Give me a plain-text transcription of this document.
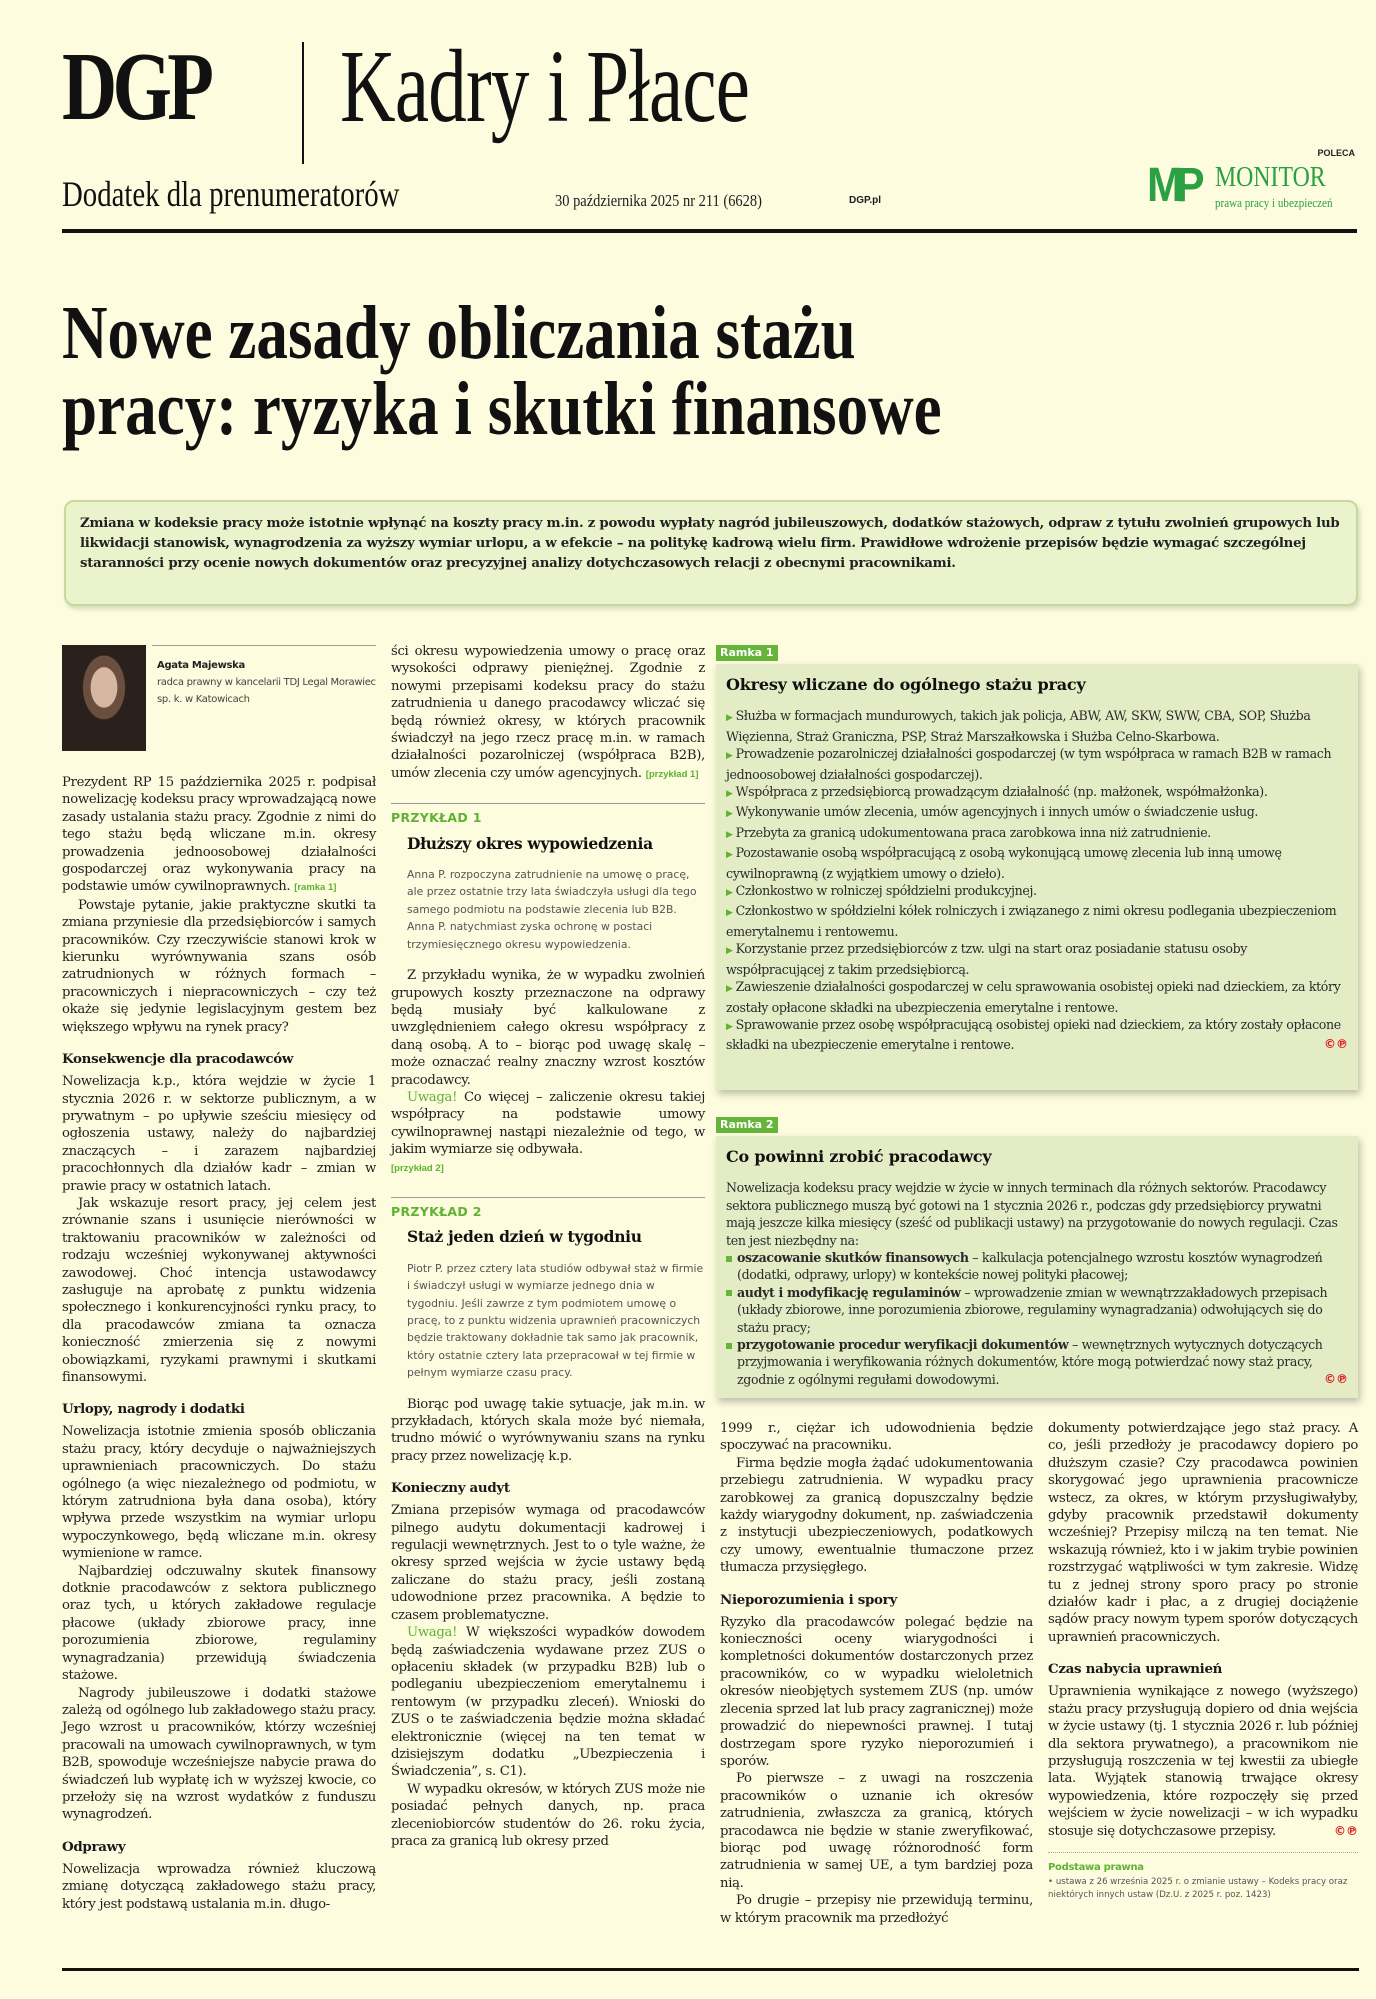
DGP Kadry i Płace
Dodatek dla prenumeratorów	30 października 2025 nr 211 (6628)	DGP.pl
POLECA
MP MONITOR
prawa pracy i ubezpieczeń
Nowe zasady obliczania stażu
pracy: ryzyka i skutki finansowe
Zmiana w kodeksie pracy może istotnie wpłynąć na koszty pracy m.in. z powodu wypłaty nagród jubileuszowych, dodatków stażowych, odpraw z tytułu zwolnień grupowych lub likwidacji stanowisk, wynagrodzenia za wyższy wymiar urlopu, a w efekcie – na politykę kadrową wielu firm. Prawidłowe wdrożenie przepisów będzie wymagać szczególnej staranności przy ocenie nowych dokumentów oraz precyzyjnej analizy dotychczasowych relacji z obecnymi pracownikami.
Agata Majewska
radca prawny w kancelarii TDJ Legal Morawiec sp. k. w Katowicach

Prezydent RP 15 października 2025 r. podpisał nowelizację kodeksu pracy wprowadzającą nowe zasady ustalania stażu pracy. Zgodnie z nimi do tego stażu będą wliczane m.in. okresy prowadzenia jednoosobowej działalności gospodarczej oraz wykonywania pracy na podstawie umów cywilnoprawnych. [ramka 1]

Powstaje pytanie, jakie praktyczne skutki ta zmiana przyniesie dla przedsiębiorców i samych pracowników. Czy rzeczywiście stanowi krok w kierunku wyrównywania szans osób zatrudnionych w różnych formach – pracowniczych i niepracowniczych – czy też okaże się jedynie legislacyjnym gestem bez większego wpływu na rynek pracy?

Konsekwencje dla pracodawców

Nowelizacja k.p., która wejdzie w życie 1 stycznia 2026 r. w sektorze publicznym, a w prywatnym – po upływie sześciu miesięcy od ogłoszenia ustawy, należy do najbardziej znaczących – i zarazem najbardziej pracochłonnych dla działów kadr – zmian w prawie pracy w ostatnich latach.

Jak wskazuje resort pracy, jej celem jest zrównanie szans i usunięcie nierówności w traktowaniu pracowników w zależności od rodzaju wcześniej wykonywanej aktywności zawodowej. Choć intencja ustawodawcy zasługuje na aprobatę z punktu widzenia społecznego i konkurencyjności rynku pracy, to dla pracodawców zmiana ta oznacza konieczność zmierzenia się z nowymi obowiązkami, ryzykami prawnymi i skutkami finansowymi.

Urlopy, nagrody i dodatki

Nowelizacja istotnie zmienia sposób obliczania stażu pracy, który decyduje o najważniejszych uprawnieniach pracowniczych. Do stażu ogólnego (a więc niezależnego od podmiotu, w którym zatrudniona była dana osoba), który wpływa przede wszystkim na wymiar urlopu wypoczynkowego, będą wliczane m.in. okresy wymienione w ramce.

Najbardziej odczuwalny skutek finansowy dotknie pracodawców z sektora publicznego oraz tych, u których zakładowe regulacje płacowe (układy zbiorowe pracy, inne porozumienia zbiorowe, regulaminy wynagradzania) przewidują świadczenia stażowe.

Nagrody jubileuszowe i dodatki stażowe zależą od ogólnego lub zakładowego stażu pracy. Jego wzrost u pracowników, którzy wcześniej pracowali na umowach cywilnoprawnych, w tym B2B, spowoduje wcześniejsze nabycie prawa do świadczeń lub wypłatę ich w wyższej kwocie, co przełoży się na wzrost wydatków z funduszu wynagrodzeń.

Odprawy

Nowelizacja wprowadza również kluczową zmianę dotyczącą zakładowego stażu pracy, który jest podstawą ustalania m.in. długo-

ści okresu wypowiedzenia umowy o pracę oraz wysokości odprawy pieniężnej. Zgodnie z nowymi przepisami kodeksu pracy do stażu zatrudnienia u danego pracodawcy wliczać się będą również okresy, w których pracownik świadczył na jego rzecz pracę m.in. w ramach działalności pozarolniczej (współpraca B2B), umów zlecenia czy umów agencyjnych. [przykład 1]

PRZYKŁAD 1
Dłuższy okres wypowiedzenia
Anna P. rozpoczyna zatrudnienie na umowę o pracę, ale przez ostatnie trzy lata świadczyła usługi dla tego samego podmiotu na podstawie zlecenia lub B2B. Anna P. natychmiast zyska ochronę w postaci trzymiesięcznego okresu wypowiedzenia.

Z przykładu wynika, że w wypadku zwolnień grupowych koszty przeznaczone na odprawy będą musiały być kalkulowane z uwzględnieniem całego okresu współpracy z daną osobą. A to – biorąc pod uwagę skalę – może oznaczać realny znaczny wzrost kosztów pracodawcy.

Uwaga! Co więcej – zaliczenie okresu takiej współpracy na podstawie umowy cywilnoprawnej nastąpi niezależnie od tego, w jakim wymiarze się odbywała.
[przykład 2]

PRZYKŁAD 2
Staż jeden dzień w tygodniu
Piotr P. przez cztery lata studiów odbywał staż w firmie i świadczył usługi w wymiarze jednego dnia w tygodniu. Jeśli zawrze z tym podmiotem umowę o pracę, to z punktu widzenia uprawnień pracowniczych będzie traktowany dokładnie tak samo jak pracownik, który ostatnie cztery lata przepracował w tej firmie w pełnym wymiarze czasu pracy.

Biorąc pod uwagę takie sytuacje, jak m.in. w przykładach, których skala może być niemała, trudno mówić o wyrównywaniu szans na rynku pracy przez nowelizację k.p.

Konieczny audyt

Zmiana przepisów wymaga od pracodawców pilnego audytu dokumentacji kadrowej i regulacji wewnętrznych. Jest to o tyle ważne, że okresy sprzed wejścia w życie ustawy będą zaliczane do stażu pracy, jeśli zostaną udowodnione przez pracownika. A będzie to czasem problematyczne.

Uwaga! W większości wypadków dowodem będą zaświadczenia wydawane przez ZUS o opłaceniu składek (w przypadku B2B) lub o podleganiu ubezpieczeniom emerytalnemu i rentowym (w przypadku zleceń). Wnioski do ZUS o te zaświadczenia będzie można składać elektronicznie (więcej na ten temat w dzisiejszym dodatku „Ubezpieczenia i Świadczenia”, s. C1).

W wypadku okresów, w których ZUS może nie posiadać pełnych danych, np. praca zleceniobiorców studentów do 26. roku życia, praca za granicą lub okresy przed

Ramka 1
Okresy wliczane do ogólnego stażu pracy
▶ Służba w formacjach mundurowych, takich jak policja, ABW, AW, SKW, SWW, CBA, SOP, Służba Więzienna, Straż Graniczna, PSP, Straż Marszałkowska i Służba Celno-Skarbowa.
▶ Prowadzenie pozarolniczej działalności gospodarczej (w tym współpraca w ramach B2B w ramach jednoosobowej działalności gospodarczej).
▶ Współpraca z przedsiębiorcą prowadzącym działalność (np. małżonek, współmałżonka).
▶ Wykonywanie umów zlecenia, umów agencyjnych i innych umów o świadczenie usług.
▶ Przebyta za granicą udokumentowana praca zarobkowa inna niż zatrudnienie.
▶ Pozostawanie osobą współpracującą z osobą wykonującą umowę zlecenia lub inną umowę cywilnoprawną (z wyjątkiem umowy o dzieło).
▶ Członkostwo w rolniczej spółdzielni produkcyjnej.
▶ Członkostwo w spółdzielni kółek rolniczych i związanego z nimi okresu podlegania ubezpieczeniom emerytalnemu i rentowemu.
▶ Korzystanie przez przedsiębiorców z tzw. ulgi na start oraz posiadanie statusu osoby współpracującej z takim przedsiębiorcą.
▶ Zawieszenie działalności gospodarczej w celu sprawowania osobistej opieki nad dzieckiem, za który zostały opłacone składki na ubezpieczenia emerytalne i rentowe.
▶ Sprawowanie przez osobę współpracującą osobistej opieki nad dzieckiem, za który zostały opłacone składki na ubezpieczenie emerytalne i rentowe.	©℗
Ramka 2
Co powinni zrobić pracodawcy

Nowelizacja kodeksu pracy wejdzie w życie w innych terminach dla różnych sektorów. Pracodawcy sektora publicznego muszą być gotowi na 1 stycznia 2026 r., podczas gdy przedsiębiorcy prywatni mają jeszcze kilka miesięcy (sześć od publikacji ustawy) na przygotowanie do nowych regulacji. Czas ten jest niezbędny na:

oszacowanie skutków finansowych – kalkulacja potencjalnego wzrostu kosztów wynagrodzeń (dodatki, odprawy, urlopy) w kontekście nowej polityki płacowej;
audyt i modyfikację regulaminów – wprowadzenie zmian w wewnątrzzakładowych przepisach (układy zbiorowe, inne porozumienia zbiorowe, regulaminy wynagradzania) odwołujących się do stażu pracy;
przygotowanie procedur weryfikacji dokumentów – wewnętrznych wytycznych dotyczących przyjmowania i weryfikowania różnych dokumentów, które mogą potwierdzać nowy staż pracy, zgodnie z ogólnymi regułami dowodowymi.	©℗

1999 r., ciężar ich udowodnienia będzie spoczywać na pracowniku.

Firma będzie mogła żądać udokumentowania przebiegu zatrudnienia. W wypadku pracy zarobkowej za granicą dopuszczalny będzie każdy wiarygodny dokument, np. zaświadczenia z instytucji ubezpieczeniowych, podatkowych czy umowy, ewentualnie tłumaczone przez tłumacza przysięgłego.

Nieporozumienia i spory

Ryzyko dla pracodawców polegać będzie na konieczności oceny wiarygodności i kompletności dokumentów dostarczonych przez pracowników, co w wypadku wieloletnich okresów nieobjętych systemem ZUS (np. umów zlecenia sprzed lat lub pracy zagranicznej) może prowadzić do niepewności prawnej. I tutaj dostrzegam spore ryzyko nieporozumień i sporów.

Po pierwsze – z uwagi na roszczenia pracowników o uznanie ich okresów zatrudnienia, zwłaszcza za granicą, których pracodawca nie będzie w stanie zweryfikować, biorąc pod uwagę różnorodność form zatrudnienia w samej UE, a tym bardziej poza nią.

Po drugie – przepisy nie przewidują terminu, w którym pracownik ma przedłożyć

dokumenty potwierdzające jego staż pracy. A co, jeśli przedłoży je pracodawcy dopiero po dłuższym czasie? Czy pracodawca powinien skorygować jego uprawnienia pracownicze wstecz, za okres, w którym przysługiwałyby, gdyby pracownik przedstawił dokumenty wcześniej? Przepisy milczą na ten temat. Nie wskazują również, kto i w jakim trybie powinien rozstrzygać wątpliwości w tym zakresie. Widzę tu z jednej strony sporo pracy po stronie działów kadr i płac, a z drugiej dociążenie sądów pracy nowym typem sporów dotyczących uprawnień pracowniczych.

Czas nabycia uprawnień

Uprawnienia wynikające z nowego (wyższego) stażu pracy przysługują dopiero od dnia wejścia w życie ustawy (tj. 1 stycznia 2026 r. lub później dla sektora prywatnego), a pracownikom nie przysługują roszczenia w tej kwestii za ubiegłe lata. Wyjątek stanowią trwające okresy wypowiedzenia, które rozpoczęły się przed wejściem w życie nowelizacji – w ich wypadku stosuje się dotychczasowe przepisy.	©℗

Podstawa prawna
• ustawa z 26 września 2025 r. o zmianie ustawy – Kodeks pracy oraz niektórych innych ustaw (Dz.U. z 2025 r. poz. 1423)
